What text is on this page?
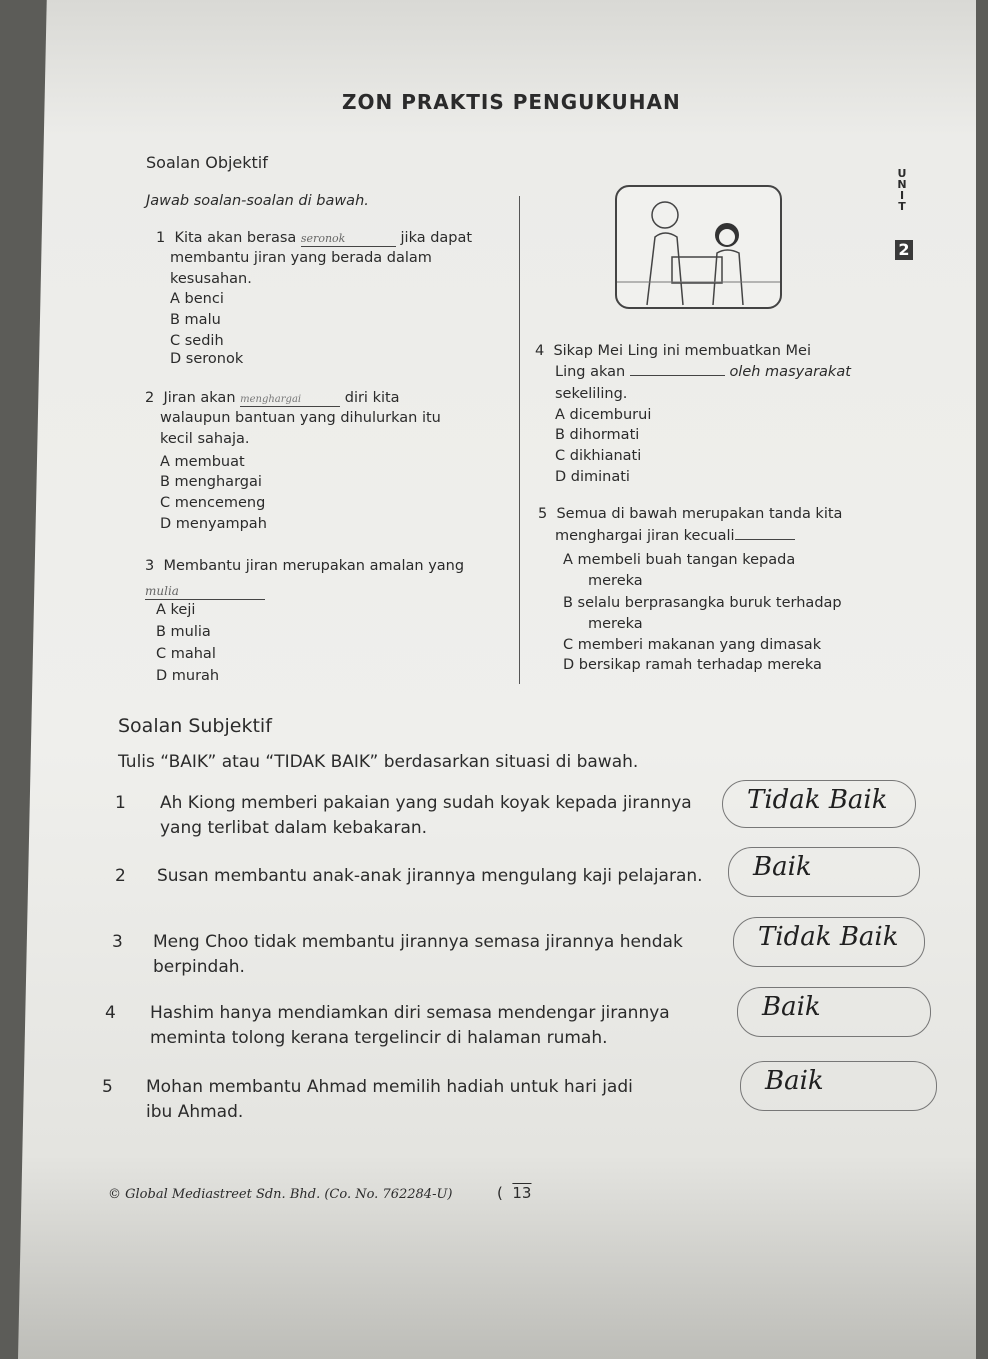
ZON PRAKTIS PENGUKUHAN
U
N
I
T
2
Soalan Objektif
Jawab soalan-soalan di bawah.
1 Kita akan berasa seronok	jika dapat
membantu jiran yang berada dalam
kesusahan.
A benci
B malu
C sedih
D seronok
2 Jiran akan menghargai	diri kita
walaupun bantuan yang dihulurkan itu
kecil sahaja.
A membuat
B menghargai
C mencemeng
D menyampah
3 Membantu jiran merupakan amalan yang
mulia
A keji
B mulia
C mahal
D murah
4 Sikap Mei Ling ini membuatkan Mei
Ling akan	oleh masyarakat
sekeliling.
A dicemburui
B dihormati
C dikhianati
D diminati
5 Semua di bawah merupakan tanda kita
menghargai jiran kecuali
A membeli buah tangan kepada
mereka
B selalu berprasangka buruk terhadap
mereka
C memberi makanan yang dimasak
D bersikap ramah terhadap mereka
Soalan Subjektif
Tulis “BAIK” atau “TIDAK BAIK” berdasarkan situasi di bawah.
1 Ah Kiong memberi pakaian yang sudah koyak kepada jirannya
yang terlibat dalam kebakaran.
Tidak Baik
2 Susan membantu anak-anak jirannya mengulang kaji pelajaran. Baik
3 Meng Choo tidak membantu jirannya semasa jirannya hendak
berpindah.
Tidak Baik
4 Hashim hanya mendiamkan diri semasa mendengar jirannya
meminta tolong kerana tergelincir di halaman rumah.
Baik
5 Mohan membantu Ahmad memilih hadiah untuk hari jadi
ibu Ahmad.
Baik
© Global Mediastreet Sdn. Bhd. (Co. No. 762284-U)	(  13
